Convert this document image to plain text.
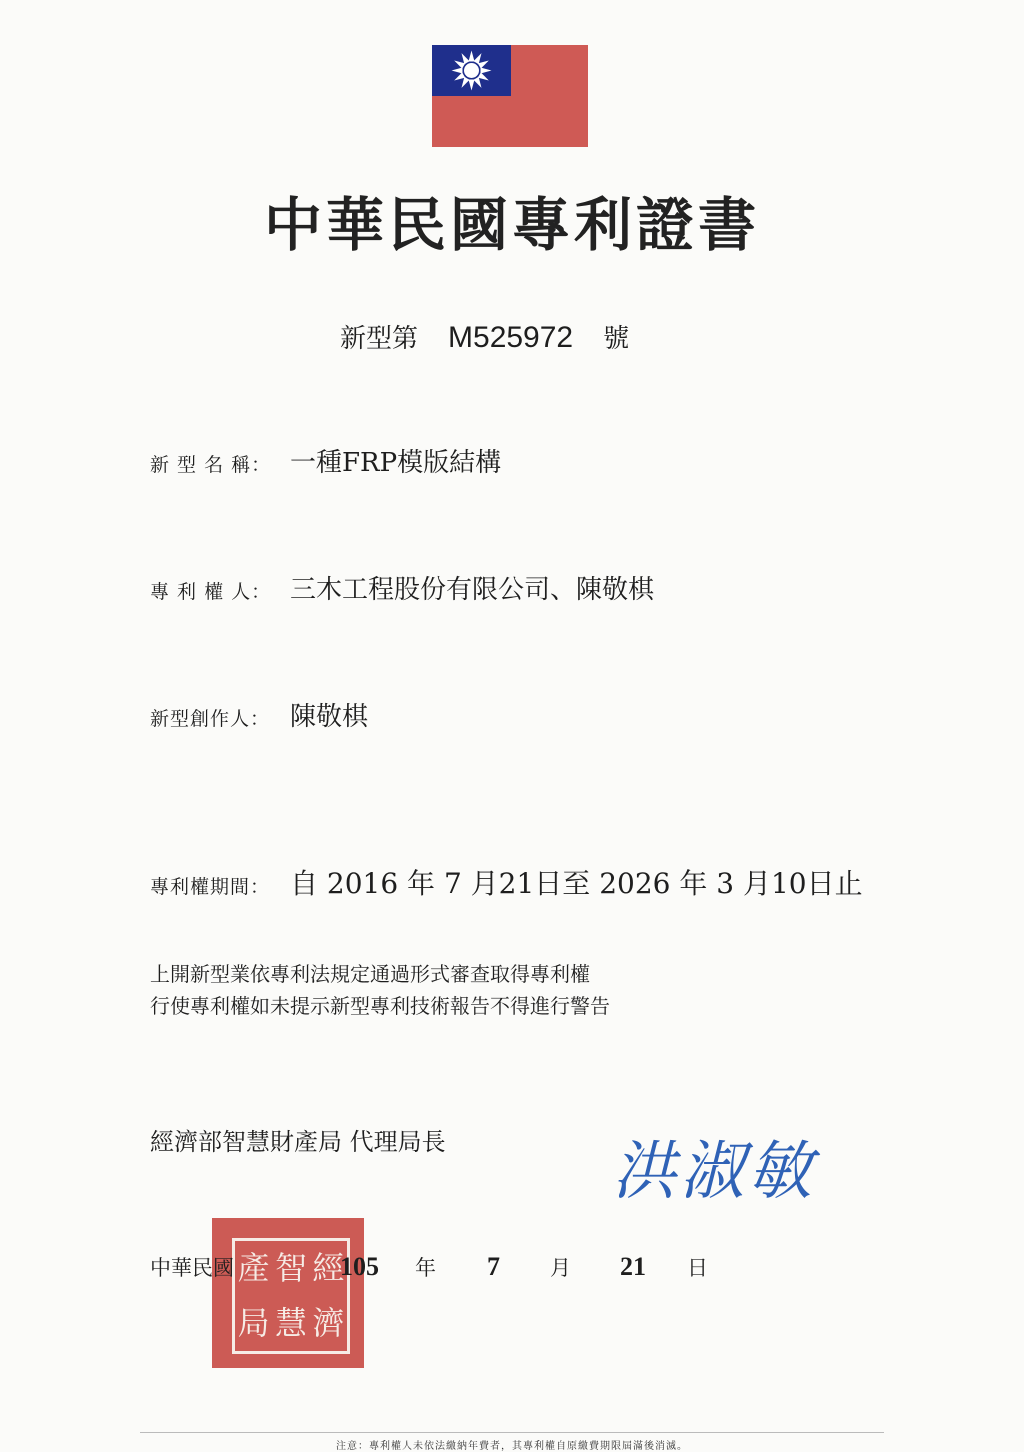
中華民國專利證書
新型第 M525972 號
新 型 名 稱： 一種FRP模版結構
專 利 權 人： 三木工程股份有限公司、陳敬棋
新型創作人： 陳敬棋
專利權期間： 自 2016 年 7 月21日至 2026 年 3 月10日止
上開新型業依專利法規定通過形式審查取得專利權
行使專利權如未提示新型專利技術報告不得進行警告
經濟部智慧財產局 代理局長	洪淑敏
產 智 經
局 慧 濟
中華民國	105 年 7 月 21 日
注意：專利權人未依法繳納年費者，其專利權自原繳費期限屆滿後消滅。
